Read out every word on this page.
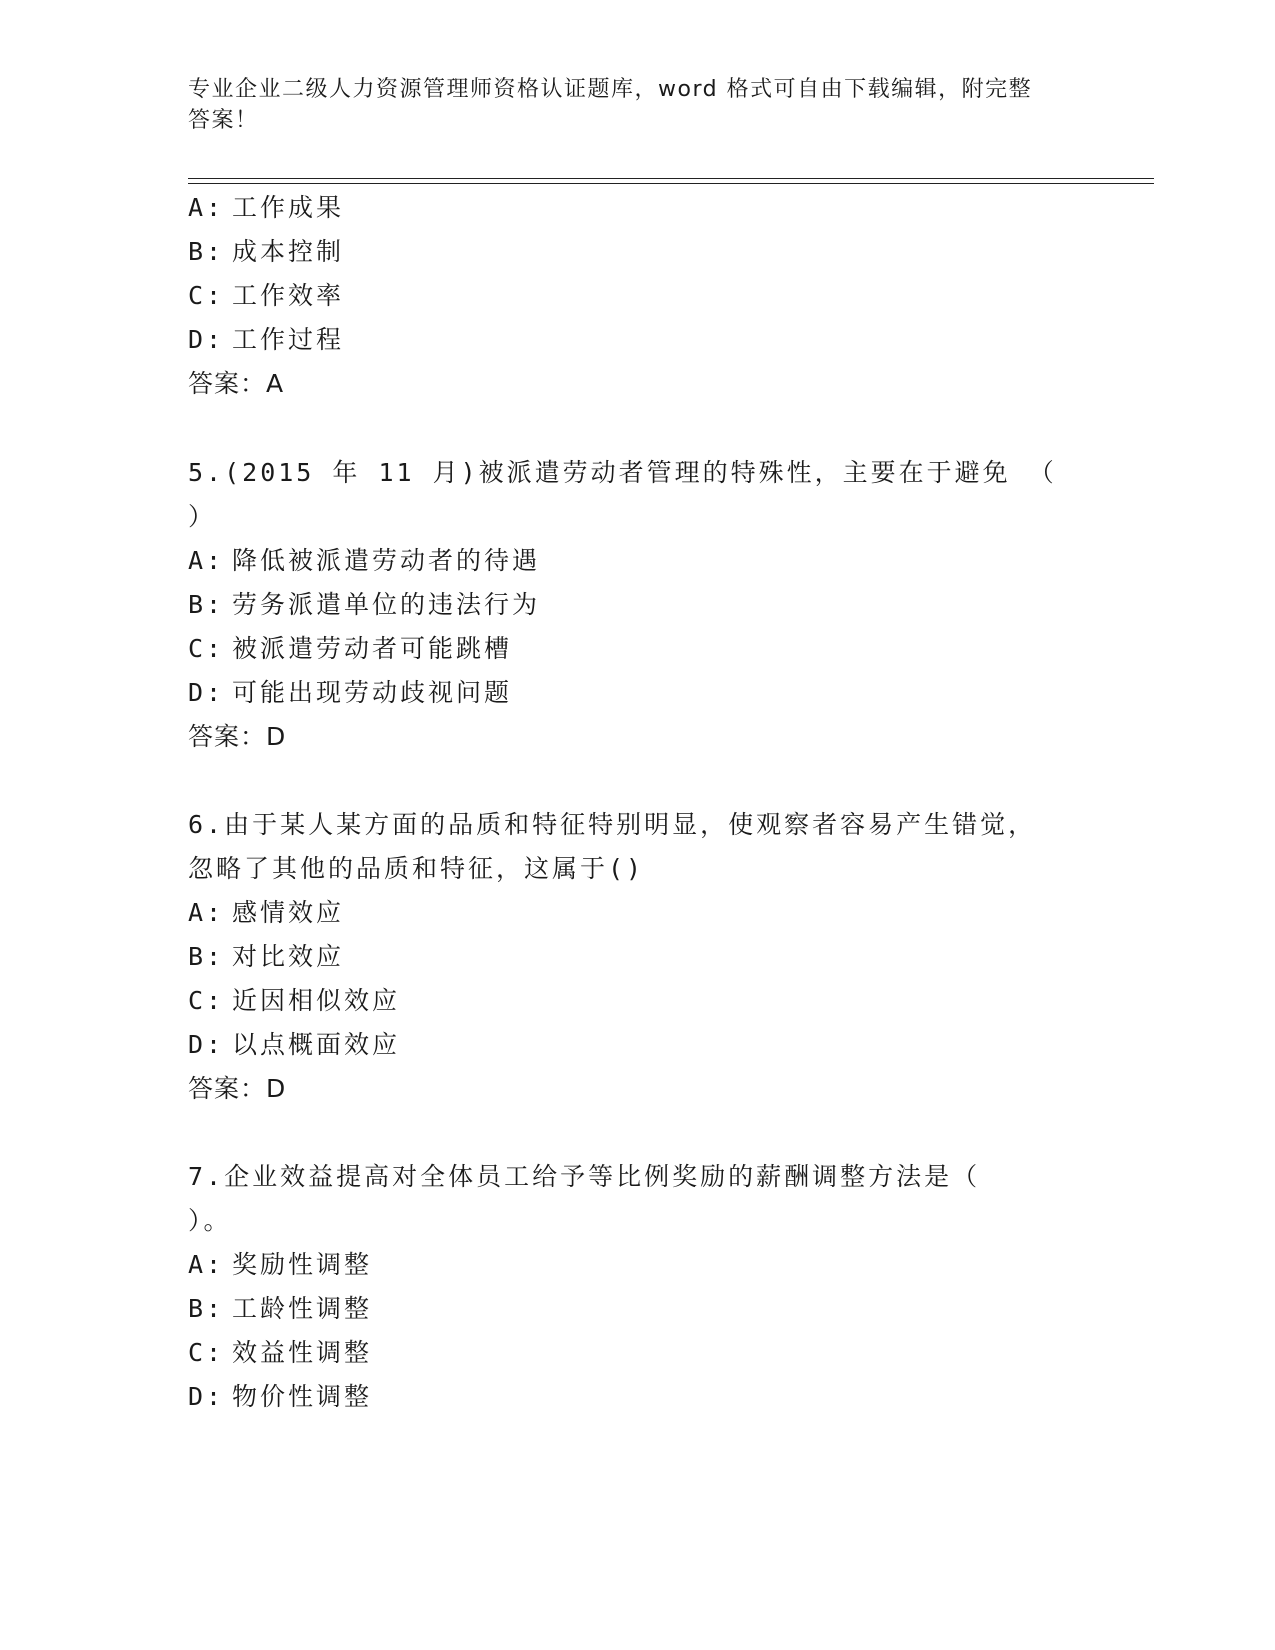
专业企业二级人力资源管理师资格认证题库，word 格式可自由下载编辑，附完整
答案！
A: 工作成果
B: 成本控制
C: 工作效率
D: 工作过程
答案：A
5.(2015 年 11 月)被派遣劳动者管理的特殊性，主要在于避免 （
）
A: 降低被派遣劳动者的待遇
B: 劳务派遣单位的违法行为
C: 被派遣劳动者可能跳槽
D: 可能出现劳动歧视问题
答案：D
6.由于某人某方面的品质和特征特别明显，使观察者容易产生错觉，
忽略了其他的品质和特征，这属于()
A: 感情效应
B: 对比效应
C: 近因相似效应
D: 以点概面效应
答案：D
7.企业效益提高对全体员工给予等比例奖励的薪酬调整方法是（
）。
A: 奖励性调整
B: 工龄性调整
C: 效益性调整
D: 物价性调整
